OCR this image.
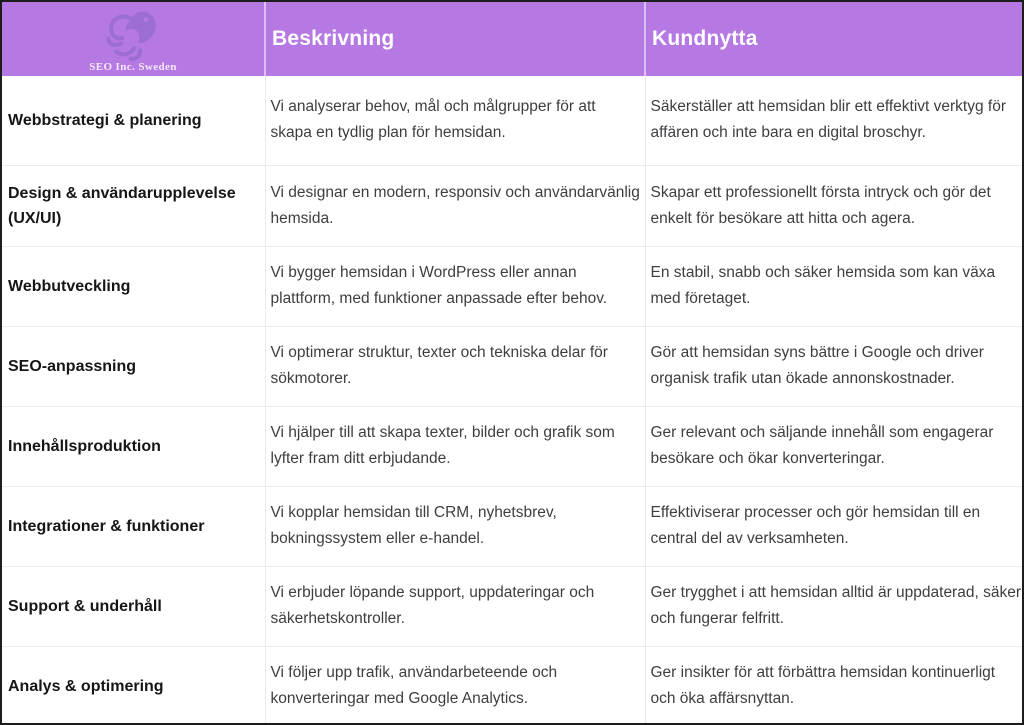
SEO Inc. Sweden	Beskrivning	Kundnytta
Webbstrategi & planering	Vi analyserar behov, mål och målgrupper för att skapa en tydlig plan för hemsidan.	Säkerställer att hemsidan blir ett effektivt verktyg för affären och inte bara en digital broschyr.
Design & användarupplevelse (UX/UI)	Vi designar en modern, responsiv och användarvänlig hemsida.	Skapar ett professionellt första intryck och gör det enkelt för besökare att hitta och agera.
Webbutveckling	Vi bygger hemsidan i WordPress eller annan plattform, med funktioner anpassade efter behov.	En stabil, snabb och säker hemsida som kan växa med företaget.
SEO-anpassning	Vi optimerar struktur, texter och tekniska delar för sökmotorer.	Gör att hemsidan syns bättre i Google och driver organisk trafik utan ökade annonskostnader.
Innehållsproduktion	Vi hjälper till att skapa texter, bilder och grafik som lyfter fram ditt erbjudande.	Ger relevant och säljande innehåll som engagerar besökare och ökar konverteringar.
Integrationer & funktioner	Vi kopplar hemsidan till CRM, nyhetsbrev, bokningssystem eller e-handel.	Effektiviserar processer och gör hemsidan till en central del av verksamheten.
Support & underhåll	Vi erbjuder löpande support, uppdateringar och säkerhetskontroller.	Ger trygghet i att hemsidan alltid är uppdaterad, säker och fungerar felfritt.
Analys & optimering	Vi följer upp trafik, användarbeteende och konverteringar med Google Analytics.	Ger insikter för att förbättra hemsidan kontinuerligt och öka affärsnyttan.
